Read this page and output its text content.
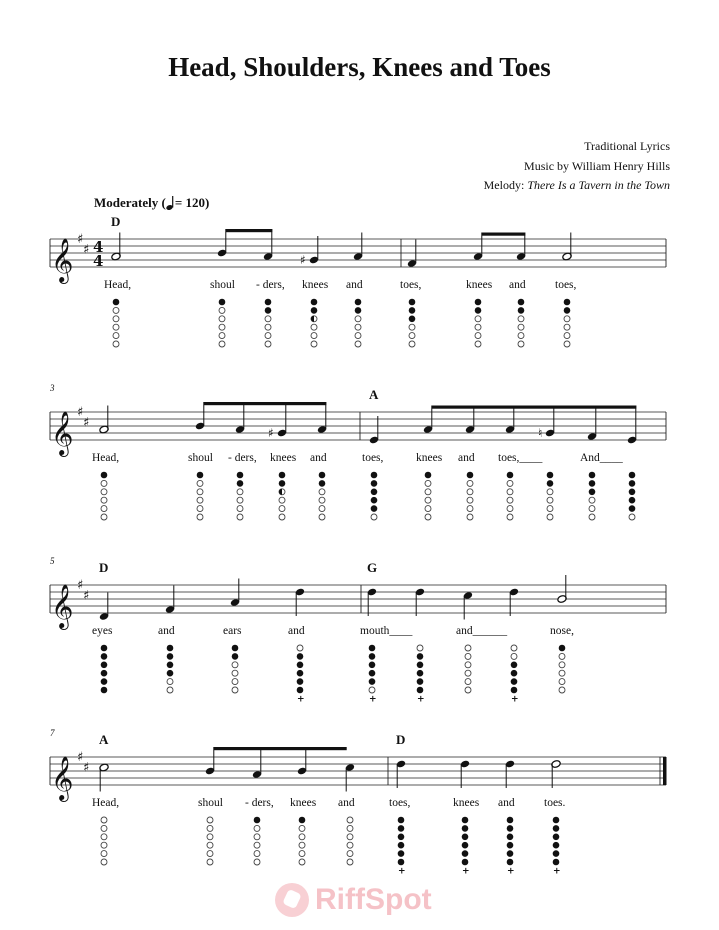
Head, Shoulders, Knees and Toes
Traditional Lyrics
Music by William Henry Hills
Melody: There Is a Tavern in the Town
Moderately ( = 120)
𝄞 ♯
♯ 4
4
D
Head,	shoul - ders,
♯
knees and	toes,	knees and	toes,
𝄞 ♯
♯
3	A
Head,	shoul - ders,
♯
knees and	toes,	knees and toes,____
♮
And____
𝄞 ♯
♯
5	D	G
eyes	and	ears	and
+
mouth____
+	+
and______
+
nose,
𝄞 ♯
♯
7	A	D
Head,	shoul - ders, knees and	toes,
+
knees
+
and
+
toes.
+
RiffSpot
